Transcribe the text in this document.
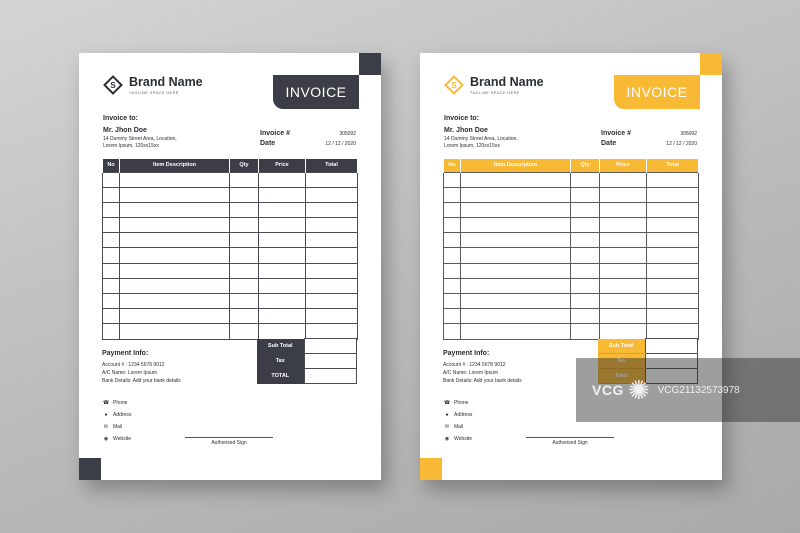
S Brand Name
TAGLINE SPACE HERE	INVOICE
Invoice to:
Mr. Jhon Doe
14 Dummy Street Area, Location,
Lorem Ipsum, 120xx15xx
Invoice #	305092
Date	12 / 12 / 2020
No	Item Description	Qty	Price	Total

Sub Total	
Tax	
TOTAL	
Payment Info:
Account # : 1234 5678 9012
A/C Name: Lorem Ipsum
Bank Details: Add your bank details
☎ Phone
●	Address
✉ Mail
◉ Website
Authorised Sign
S Brand Name
TAGLINE SPACE HERE	INVOICE
Invoice to:
Mr. Jhon Doe
14 Dummy Street Area, Location,
Lorem Ipsum, 120xx15xx
Invoice #	305092
Date	12 / 12 / 2020
No	Item Description	Qty	Price	Total

Sub Total	
Tax	
Total	
Payment Info:
Account # : 1234 5678 9012
A/C Name: Lorem Ipsum
Bank Details: Add your bank details
☎ Phone
●	Address
✉ Mail
◉ Website
Authorised Sign
VCG ✺ VCG21132573978
